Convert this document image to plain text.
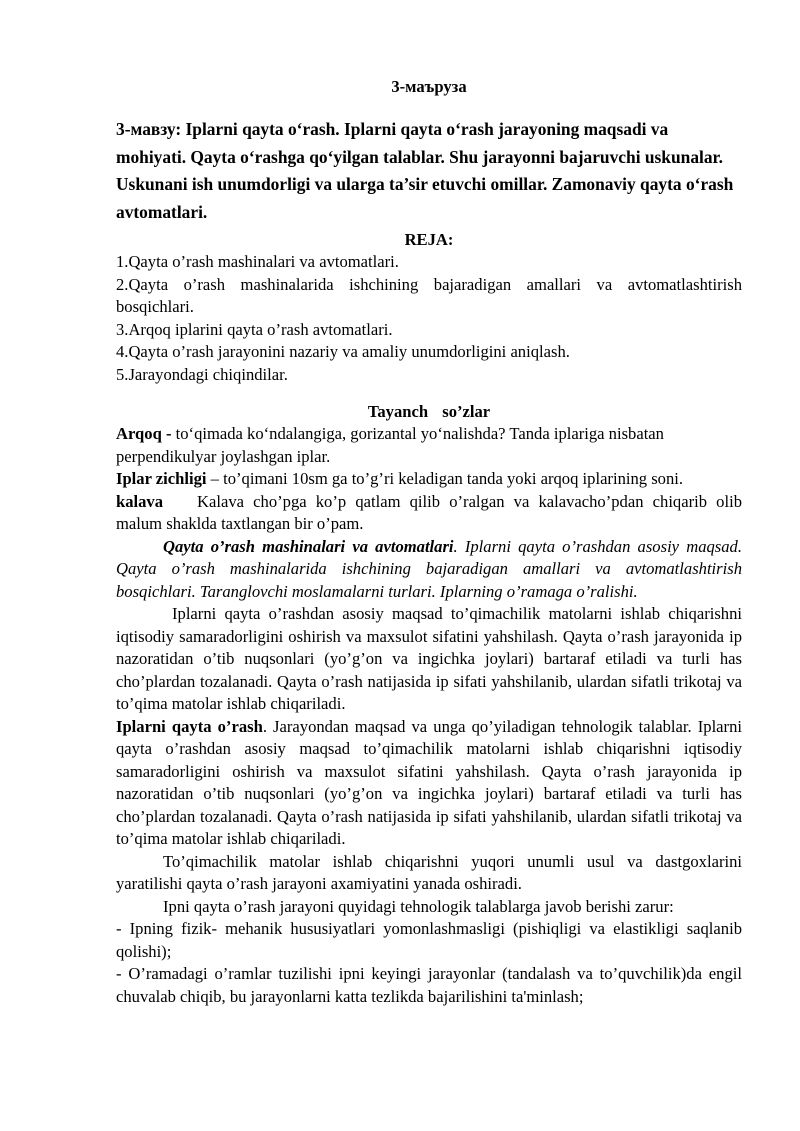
3-маъруза
3-мавзу: Iplarni qayta o‘rash. Iplarni qayta o‘rash jarayoning maqsadi va mohiyati. Qayta o‘rashga qo‘yilgan talablar. Shu jarayonni bajaruvchi uskunalar. Uskunani ish unumdorligi va ularga ta’sir etuvchi omillar. Zamonaviy qayta o‘rash avtomatlari.
REJA:
1.Qayta o’rash mashinalari va avtomatlari.
2.Qayta o’rash mashinalarida ishchining bajaradigan amallari va avtomatlashtirish bosqichlari.
3.Arqoq iplarini qayta o’rash avtomatlari.
4.Qayta o’rash jarayonini nazariy va amaliy unumdorligini aniqlash.
5.Jarayondagi chiqindilar.
Tayanch so’zlar

Arqoq - to‘qimada ko‘ndalangiga, gorizantal yo‘nalishda? Tanda iplariga nisbatan perpendikulyar joylashgan iplar.

Iplar zichligi – to’qimani 10sm ga to’g’ri keladigan tanda yoki arqoq iplarining soni.

kalava Kalava cho’pga ko’p qatlam qilib o’ralgan va kalavacho’pdan chiqarib olib malum shaklda taxtlangan bir o’pam.

Qayta o’rash mashinalari va avtomatlari. Iplarni qayta o’rashdan asosiy maqsad. Qayta o’rash mashinalarida ishchining bajaradigan amallari va avtomatlashtirish bosqichlari. Taranglovchi moslamalarni turlari. Iplarning o’ramaga o’ralishi.

Iplarni qayta o’rashdan asosiy maqsad to’qimachilik matolarni ishlab chiqarishni iqtisodiy samaradorligini oshirish va maxsulot sifatini yahshilash. Qayta o’rash jarayonida ip nazoratidan o’tib nuqsonlari (yo’g’on va ingichka joylari) bartaraf etiladi va turli has cho’plardan tozalanadi. Qayta o’rash natijasida ip sifati yahshilanib, ulardan sifatli trikotaj va to’qima matolar ishlab chiqariladi.

Iplarni qayta o’rash. Jarayondan maqsad va unga qo’yiladigan tehnologik talablar. Iplarni qayta o’rashdan asosiy maqsad to’qimachilik matolarni ishlab chiqarishni iqtisodiy samaradorligini oshirish va maxsulot sifatini yahshilash. Qayta o’rash jarayonida ip nazoratidan o’tib nuqsonlari (yo’g’on va ingichka joylari) bartaraf etiladi va turli has cho’plardan tozalanadi. Qayta o’rash natijasida ip sifati yahshilanib, ulardan sifatli trikotaj va to’qima matolar ishlab chiqariladi.

To’qimachilik matolar ishlab chiqarishni yuqori unumli usul va dastgoxlarini yaratilishi qayta o’rash jarayoni axamiyatini yanada oshiradi.

Ipni qayta o’rash jarayoni quyidagi tehnologik talablarga javob berishi zarur:

- Ipning fizik- mehanik hususiyatlari yomonlashmasligi (pishiqligi va elastikligi saqlanib qolishi);

- O’ramadagi o’ramlar tuzilishi ipni keyingi jarayonlar (tandalash va to’quvchilik)da engil chuvalab chiqib, bu jarayonlarni katta tezlikda bajarilishini ta'minlash;
